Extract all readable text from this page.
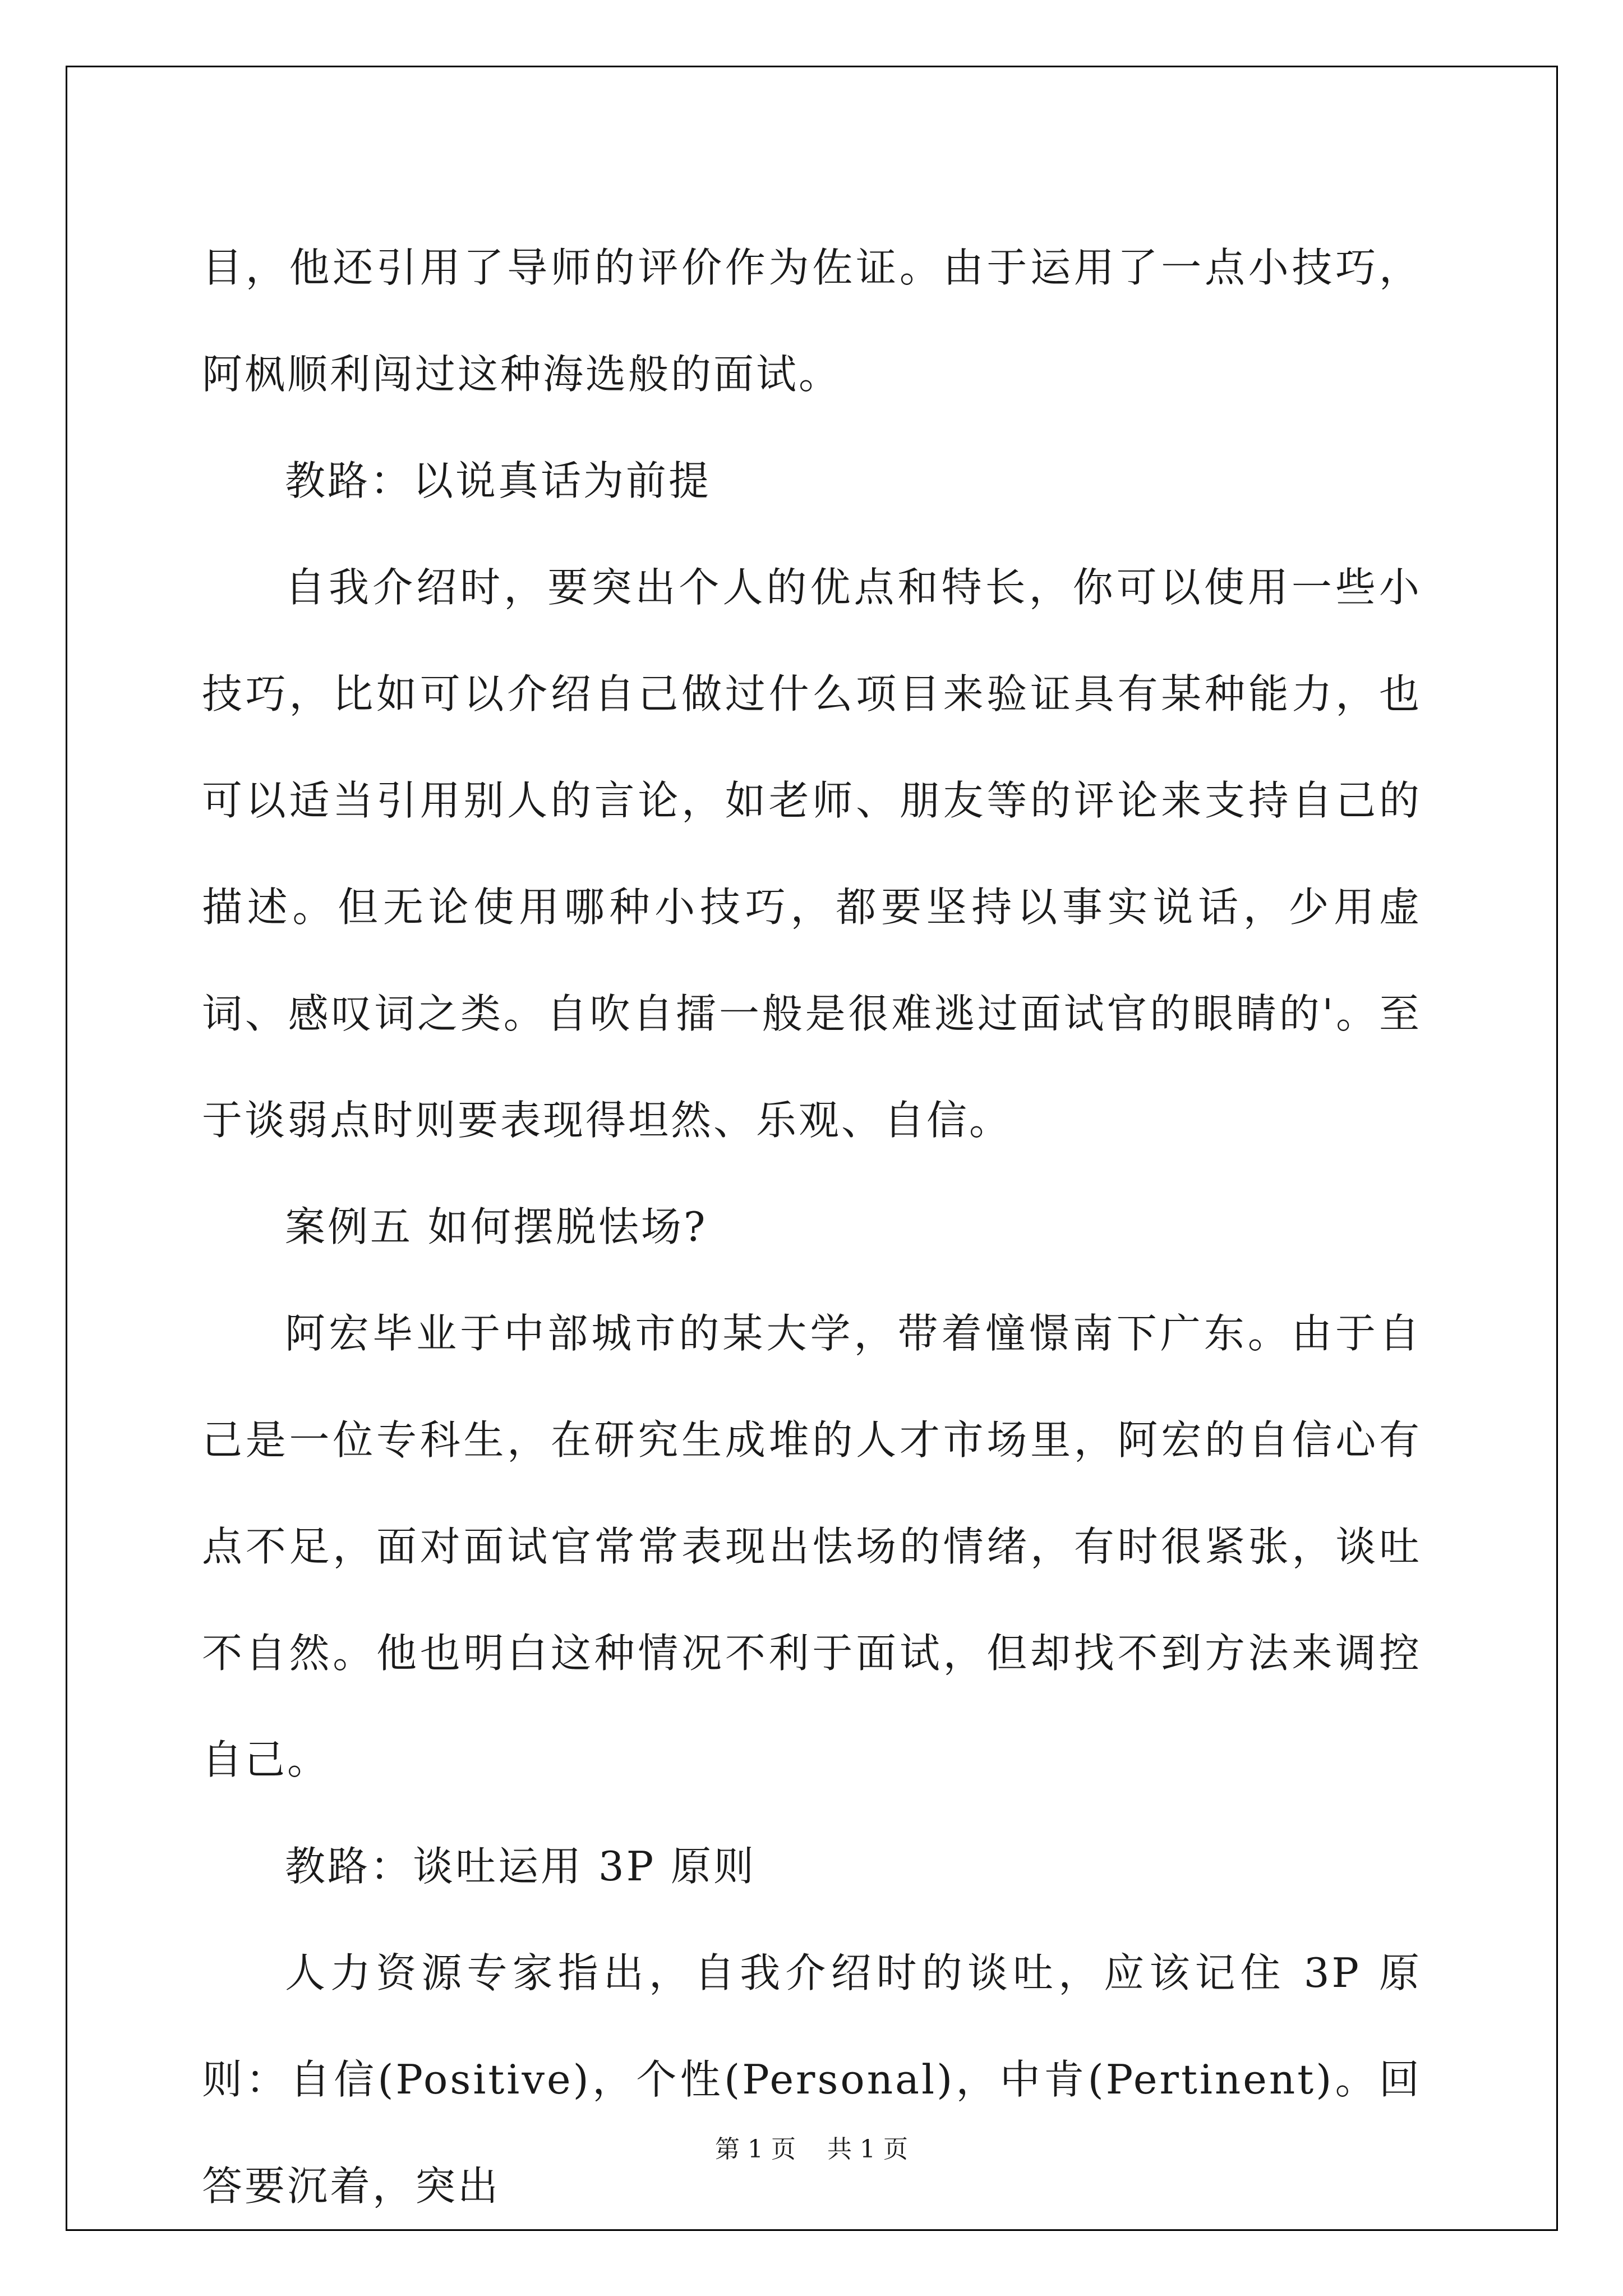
目，他还引用了导师的评价作为佐证。由于运用了一点小技巧，阿枫顺利闯过这种海选般的面试。

教路：以说真话为前提

自我介绍时，要突出个人的优点和特长，你可以使用一些小技巧，比如可以介绍自己做过什么项目来验证具有某种能力，也可以适当引用别人的言论，如老师、朋友等的评论来支持自己的描述。但无论使用哪种小技巧，都要坚持以事实说话，少用虚词、感叹词之类。自吹自擂一般是很难逃过面试官的眼睛的'。至于谈弱点时则要表现得坦然、乐观、自信。

案例五 如何摆脱怯场?

阿宏毕业于中部城市的某大学，带着憧憬南下广东。由于自己是一位专科生，在研究生成堆的人才市场里，阿宏的自信心有点不足，面对面试官常常表现出怯场的情绪，有时很紧张，谈吐不自然。他也明白这种情况不利于面试，但却找不到方法来调控自己。

教路：谈吐运用 3P 原则

人力资源专家指出，自我介绍时的谈吐，应该记住 3P 原则：自信(Positive)，个性(Personal)，中肯(Pertinent)。回答要沉着，突出

第 1 页 共 1 页
